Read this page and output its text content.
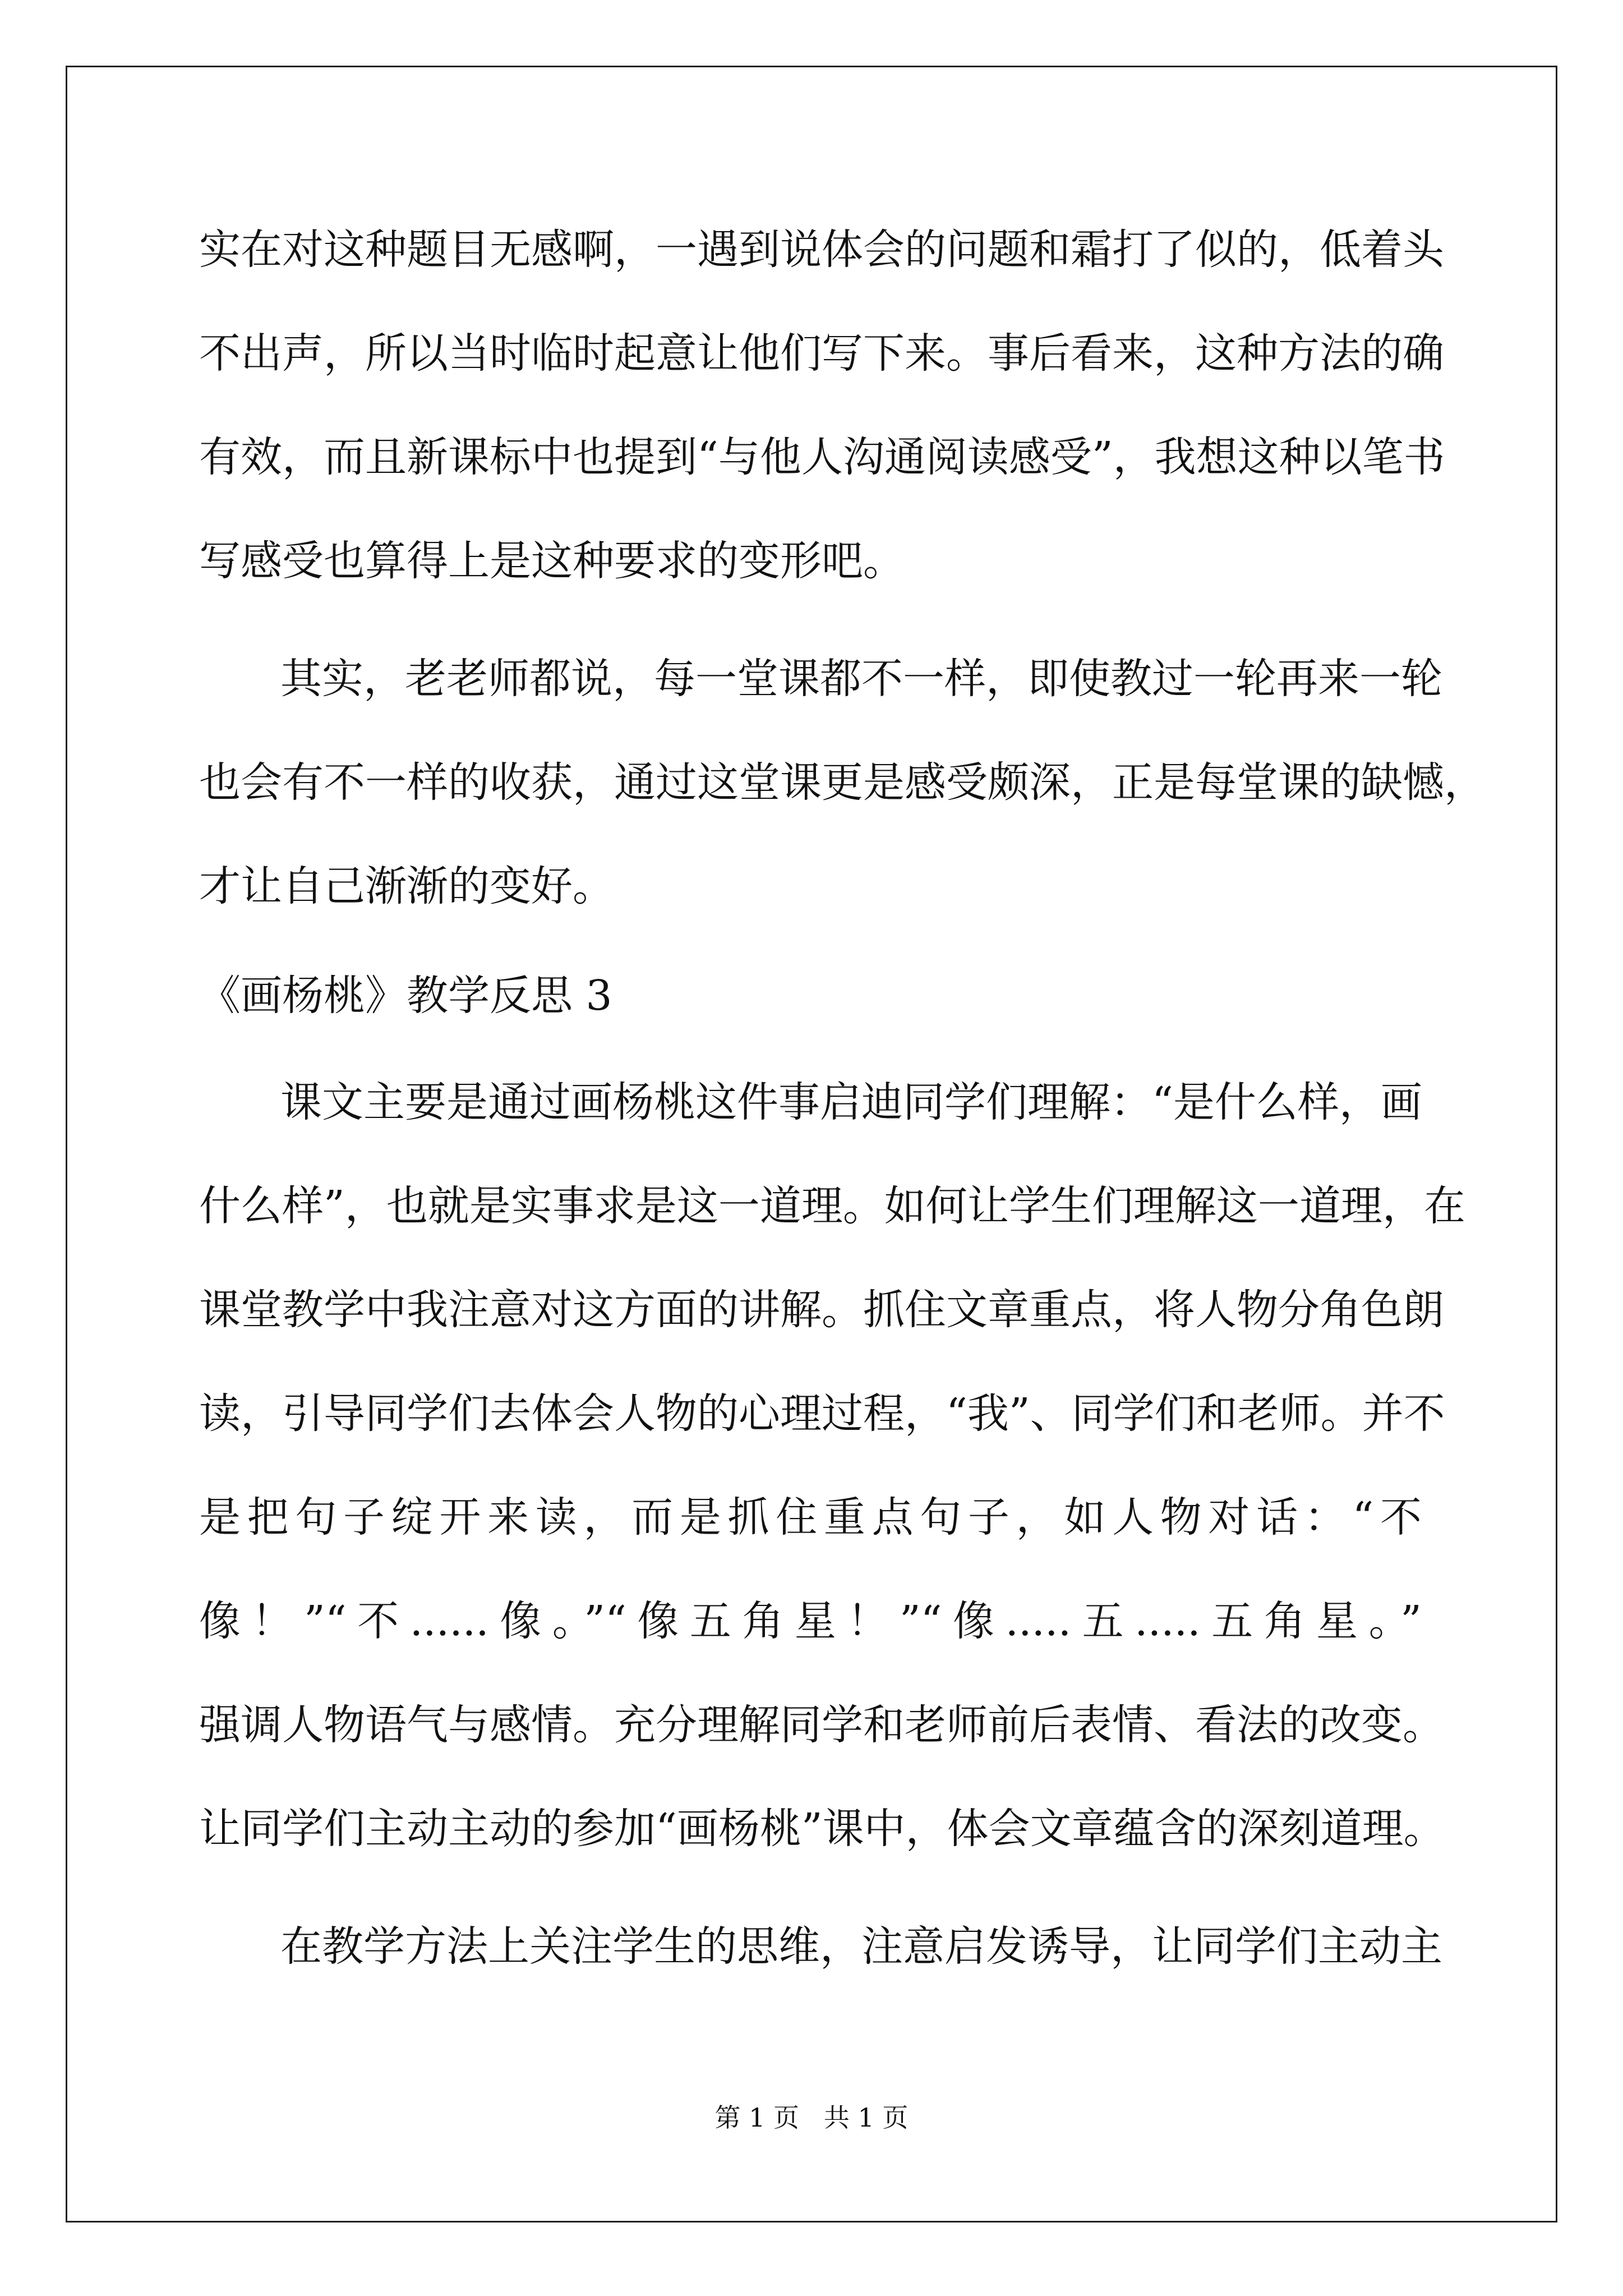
实在对这种题目无感啊，一遇到说体会的问题和霜打了似的，低着头
不出声，所以当时临时起意让他们写下来。事后看来，这种方法的确
有效，而且新课标中也提到“与他人沟通阅读感受”，我想这种以笔书
写感受也算得上是这种要求的变形吧。
其实，老老师都说，每一堂课都不一样，即使教过一轮再来一轮
也会有不一样的收获，通过这堂课更是感受颇深，正是每堂课的缺憾，
才让自己渐渐的变好。
《画杨桃》教学反思 3
课文主要是通过画杨桃这件事启迪同学们理解：“是什么样，画
什么样”，也就是实事求是这一道理。如何让学生们理解这一道理，在
课堂教学中我注意对这方面的讲解。抓住文章重点，将人物分角色朗
读，引导同学们去体会人物的心理过程，“我”、同学们和老师。并不
是把句子绽开来读，而是抓住重点句子，如人物对话：“不
像！”“不......像。”“像五角星！”“像.....五.....五角星。”
强调人物语气与感情。充分理解同学和老师前后表情、看法的改变。
让同学们主动主动的参加“画杨桃”课中，体会文章蕴含的深刻道理。
在教学方法上关注学生的思维，注意启发诱导，让同学们主动主
第 1 页   共 1 页
